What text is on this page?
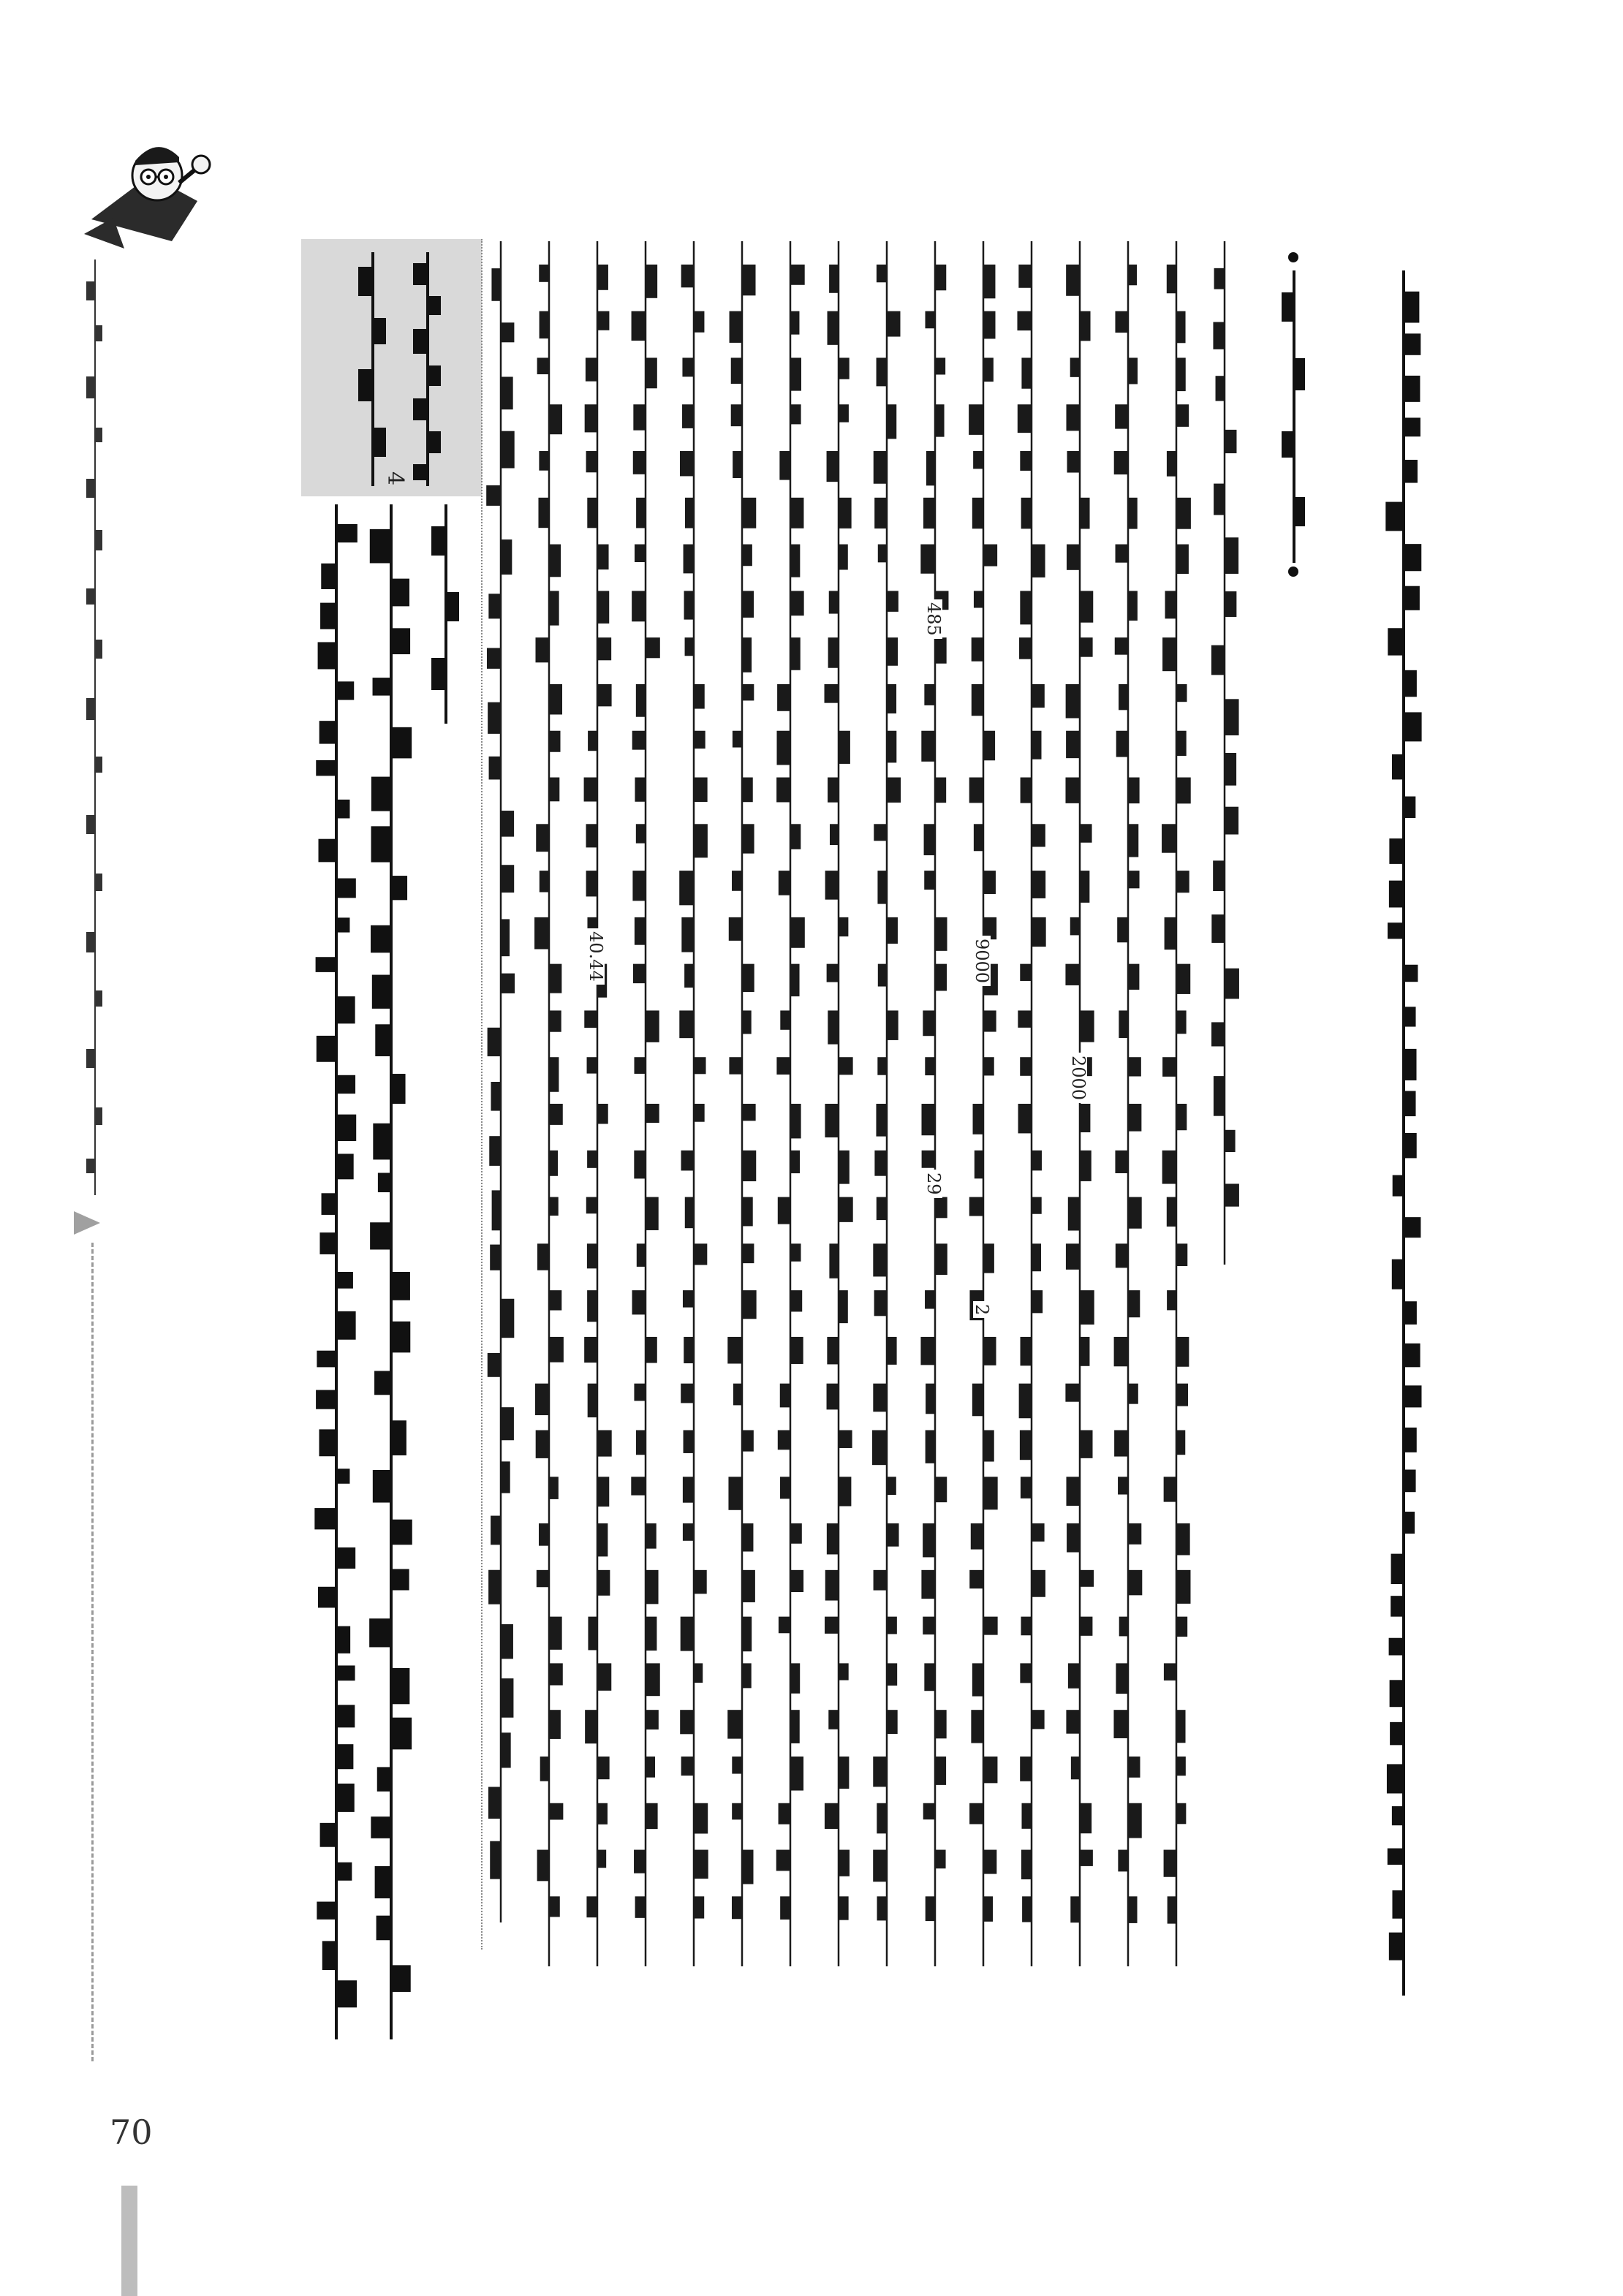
70
4
2000
2
9000
29
485
40.44
